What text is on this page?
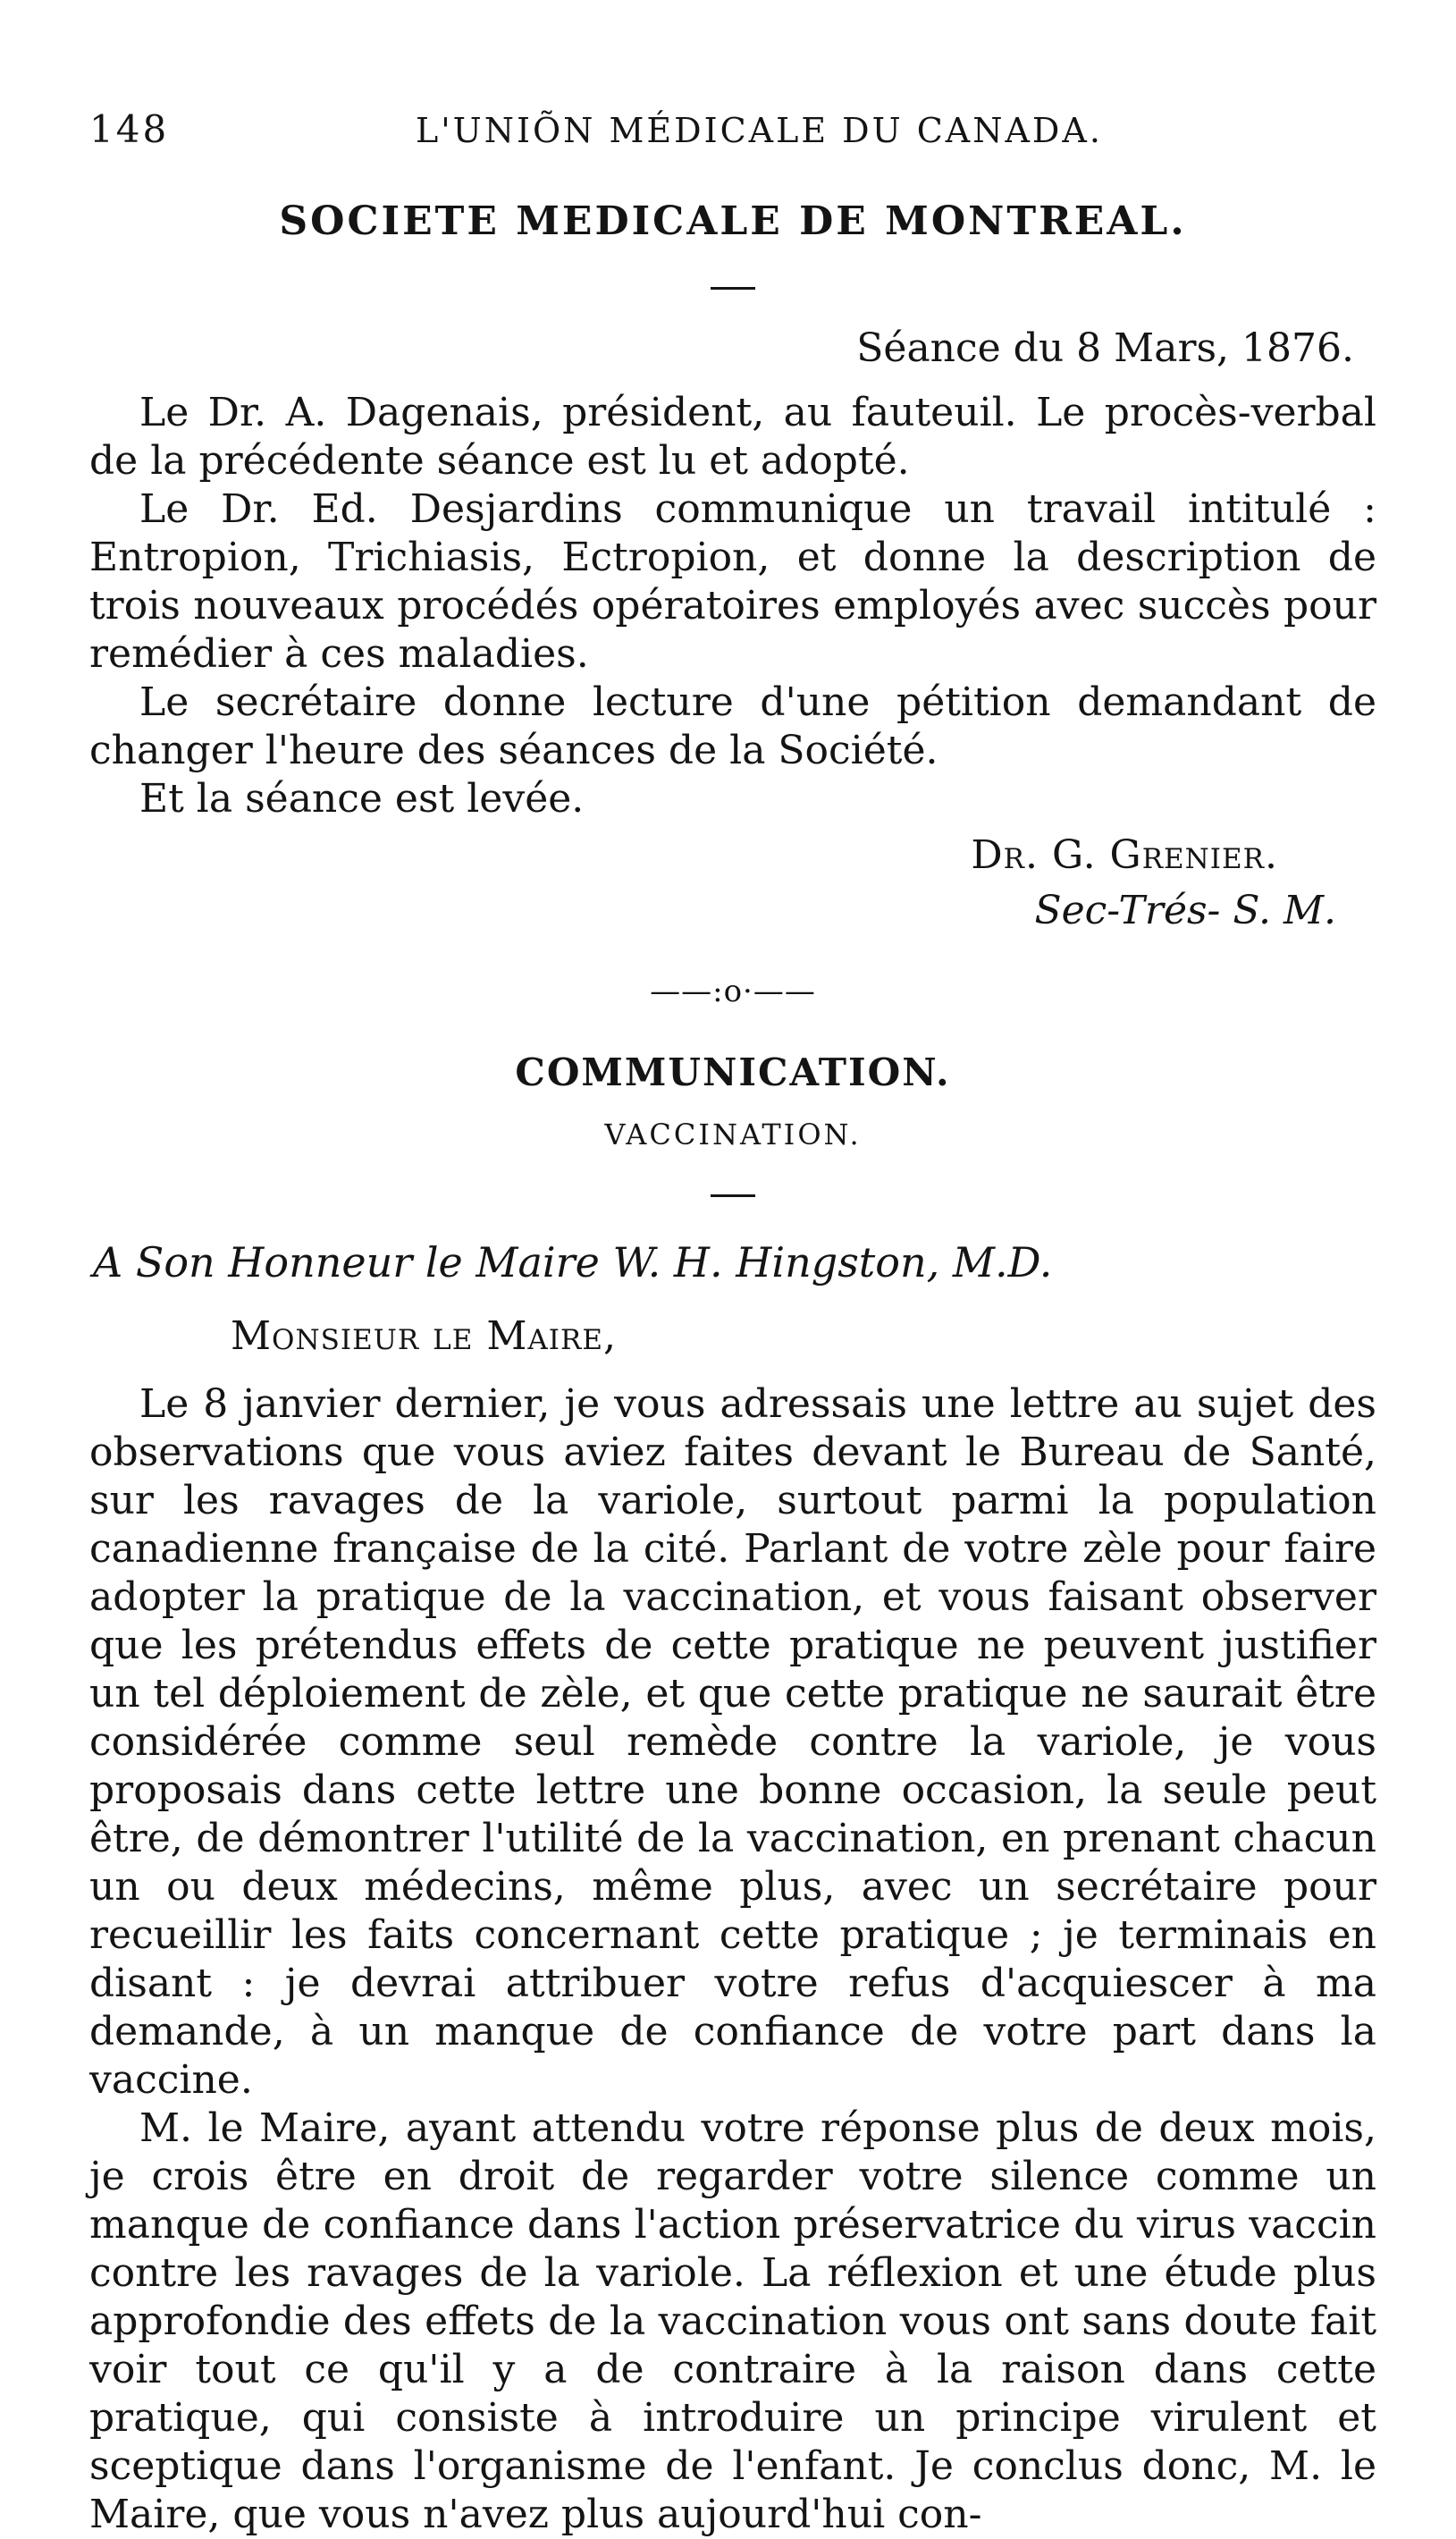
148	L'UNIÕN MÉDICALE DU CANADA.
SOCIETE MEDICALE DE MONTREAL.
Séance du 8 Mars, 1876.

Le Dr. A. Dagenais, président, au fauteuil. Le procès-verbal de la précédente séance est lu et adopté.

Le Dr. Ed. Desjardins communique un travail intitulé : Entropion, Trichiasis, Ectropion, et donne la description de trois nouveaux procédés opératoires employés avec succès pour remédier à ces maladies.

Le secrétaire donne lecture d'une pétition demandant de changer l'heure des séances de la Société.

Et la séance est levée.

Dr. G. Grenier.
Sec-Trés- S. M.
——:o·——
COMMUNICATION.
VACCINATION.
A Son Honneur le Maire W. H. Hingston, M.D.
Monsieur le Maire,

Le 8 janvier dernier, je vous adressais une lettre au sujet des observations que vous aviez faites devant le Bureau de Santé, sur les ravages de la variole, surtout parmi la population canadienne française de la cité. Parlant de votre zèle pour faire adopter la pratique de la vaccination, et vous faisant observer que les prétendus effets de cette pratique ne peuvent justifier un tel déploiement de zèle, et que cette pratique ne saurait être considérée comme seul remède contre la variole, je vous proposais dans cette lettre une bonne occasion, la seule peut être, de démontrer l'utilité de la vaccination, en prenant chacun un ou deux médecins, même plus, avec un secrétaire pour recueillir les faits concernant cette pratique ; je terminais en disant : je devrai attribuer votre refus d'acquiescer à ma demande, à un manque de confiance de votre part dans la vaccine.

M. le Maire, ayant attendu votre réponse plus de deux mois, je crois être en droit de regarder votre silence comme un manque de confiance dans l'action préservatrice du virus vaccin contre les ravages de la variole. La réflexion et une étude plus approfondie des effets de la vaccination vous ont sans doute fait voir tout ce qu'il y a de contraire à la raison dans cette pratique, qui consiste à introduire un principe virulent et sceptique dans l'organisme de l'enfant. Je conclus donc, M. le Maire, que vous n'avez plus aujourd'hui con-
